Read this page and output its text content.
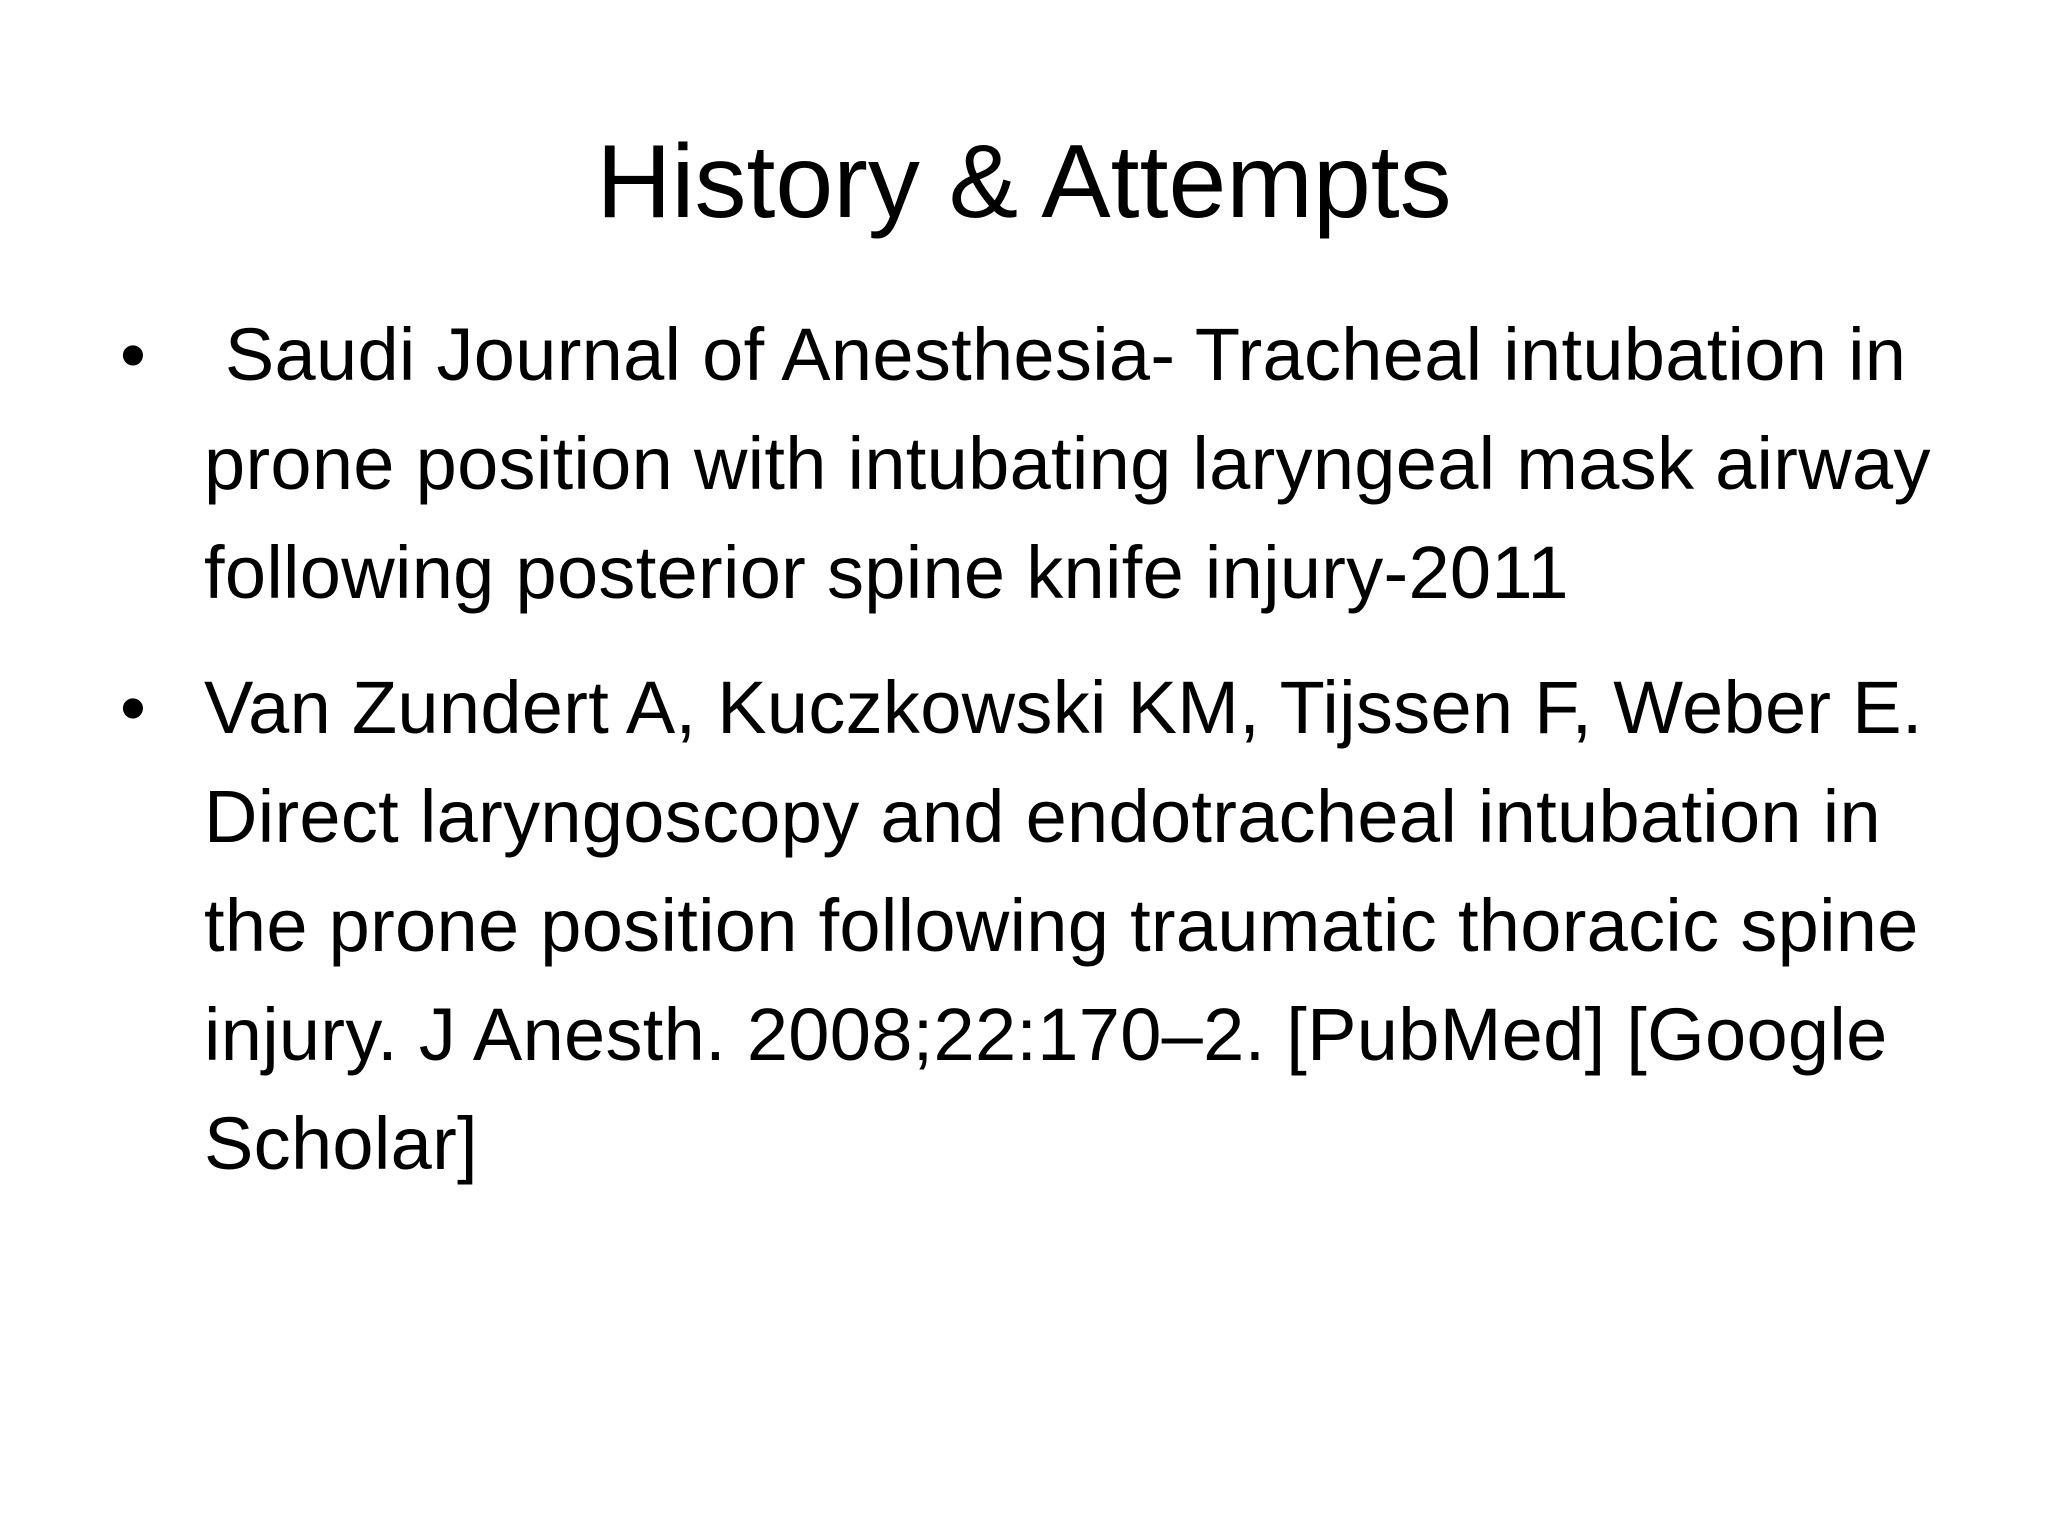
History & Attempts
• Saudi Journal of Anesthesia- Tracheal intubation in prone position with intubating laryngeal mask airway following posterior spine knife injury-2011
• Van Zundert A, Kuczkowski KM, Tijssen F, Weber E. Direct laryngoscopy and endotracheal intubation in the prone position following traumatic thoracic spine injury. J Anesth. 2008;22:170–2. [PubMed] [Google Scholar]
